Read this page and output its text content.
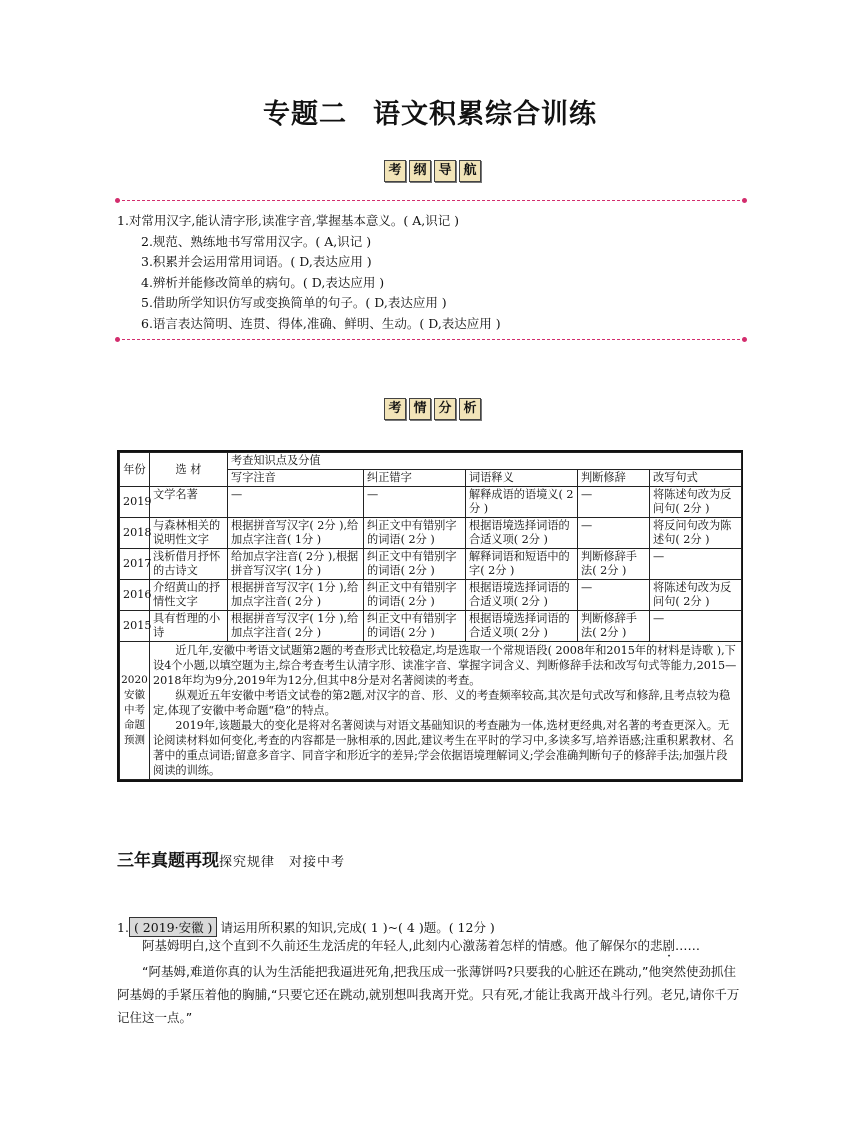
专题二 语文积累综合训练
考 纲 导 航
1.对常用汉字,能认清字形,读准字音,掌握基本意义。( A,识记 )
2.规范、熟练地书写常用汉字。( A,识记 )
3.积累并会运用常用词语。( D,表达应用 )
4.辨析并能修改简单的病句。( D,表达应用 )
5.借助所学知识仿写或变换简单的句子。( D,表达应用 )
6.语言表达简明、连贯、得体,准确、鲜明、生动。( D,表达应用 )
考 情 分 析
年份	选 材	考查知识点及分值				
		写字注音	纠正错字	词语释义	判断修辞	改写句式
2019	文学名著	—	—	解释成语的语境义( 2分 )	—	将陈述句改为反问句( 2分 )
2018	与森林相关的说明性文字	根据拼音写汉字( 2分 ),给加点字注音( 1分 )	纠正文中有错别字的词语( 2分 )	根据语境选择词语的合适义项( 2分 )	—	将反问句改为陈述句( 2分 )
2017	浅析借月抒怀的古诗文	给加点字注音( 2分 ),根据拼音写汉字( 1分 )	纠正文中有错别字的词语( 2分 )	解释词语和短语中的字( 2分 )	判断修辞手法( 2分 )	—
2016	介绍黄山的抒情性文字	根据拼音写汉字( 1分 ),给加点字注音( 2分 )	纠正文中有错别字的词语( 2分 )	根据语境选择词语的合适义项( 2分 )	—	将陈述句改为反问句( 2分 )
2015	具有哲理的小诗	根据拼音写汉字( 1分 ),给加点字注音( 2分 )	纠正文中有错别字的词语( 2分 )	根据语境选择词语的合适义项( 2分 )	判断修辞手法( 2分 )	—
2020安徽中考命题预测	近几年,安徽中考语文试题第2题的考查形式比较稳定,均是选取一个常规语段( 2008年和2015年的材料是诗歌 ),下设4个小题,以填空题为主,综合考查考生认清字形、读准字音、掌握字词含义、判断修辞手法和改写句式等能力,2015—2018年均为9分,2019年为12分,但其中8分是对名著阅读的考查。

纵观近五年安徽中考语文试卷的第2题,对汉字的音、形、义的考查频率较高,其次是句式改写和修辞,且考点较为稳定,体现了安徽中考命题“稳”的特点。

2019年,该题最大的变化是将对名著阅读与对语文基础知识的考查融为一体,选材更经典,对名著的考查更深入。无论阅读材料如何变化,考查的内容都是一脉相承的,因此,建议考生在平时的学习中,多读多写,培养语感;注重积累教材、名著中的重点词语;留意多音字、同音字和形近字的差异;学会依据语境理解词义;学会准确判断句子的修辞手法;加强片段阅读的训练。					

三年真题再现探究规律　对接中考
1. ( 2019·安徽 ) 请运用所积累的知识,完成( 1 )~( 4 )题。( 12分 )
阿基姆明白,这个直到不久前还生龙活虎的年轻人,此刻内心激荡着怎样的情感。他了解保尔的悲剧……
“阿基姆,难道你真的认为生活能把我逼进死角,把我压成一张薄饼吗?只要我的心脏还在跳动,”他突然使劲抓住阿基姆的手紧压着他的胸脯,“只要它还在跳动,就别想叫我离开党。只有死,才能让我离开战斗行列。老兄,请你千万记住这一点。”
